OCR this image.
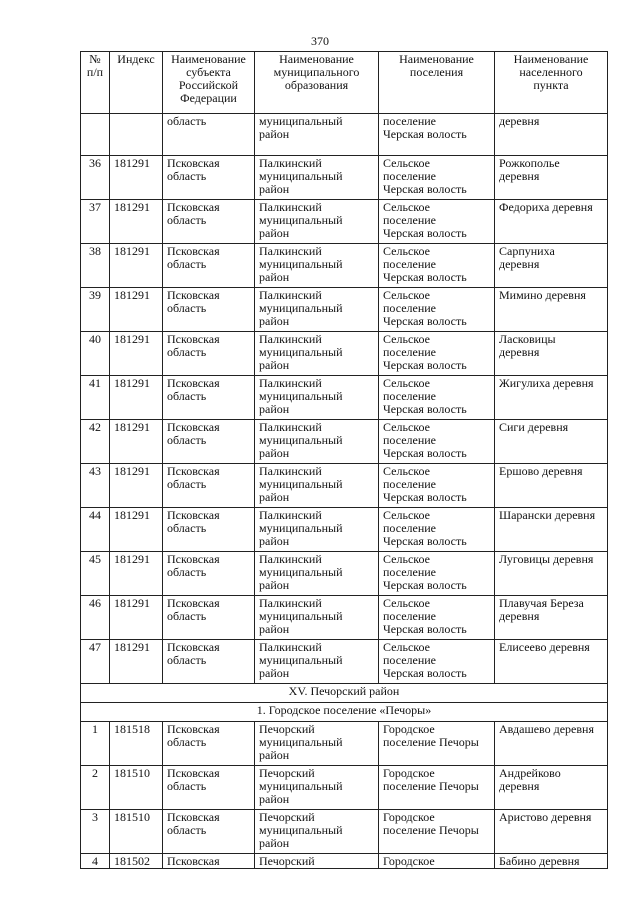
370
№
п/п	Индекс	Наименование
субъекта
Российской
Федерации	Наименование
муниципального
образования	Наименование
поселения	Наименование
населенного
пункта

		область	муниципальный
район	поселение
Черская волость	деревня

36	181291	Псковская
область	Палкинский
муниципальный
район	Сельское
поселение
Черская волость	Рожкополье
деревня

37	181291	Псковская
область	Палкинский
муниципальный
район	Сельское
поселение
Черская волость	Федориха деревня

38	181291	Псковская
область	Палкинский
муниципальный
район	Сельское
поселение
Черская волость	Сарпуниха
деревня

39	181291	Псковская
область	Палкинский
муниципальный
район	Сельское
поселение
Черская волость	Мимино деревня

40	181291	Псковская
область	Палкинский
муниципальный
район	Сельское
поселение
Черская волость	Ласковицы
деревня

41	181291	Псковская
область	Палкинский
муниципальный
район	Сельское
поселение
Черская волость	Жигулиха деревня

42	181291	Псковская
область	Палкинский
муниципальный
район	Сельское
поселение
Черская волость	Сиги деревня

43	181291	Псковская
область	Палкинский
муниципальный
район	Сельское
поселение
Черская волость	Ершово деревня

44	181291	Псковская
область	Палкинский
муниципальный
район	Сельское
поселение
Черская волость	Шарански деревня

45	181291	Псковская
область	Палкинский
муниципальный
район	Сельское
поселение
Черская волость	Луговицы деревня

46	181291	Псковская
область	Палкинский
муниципальный
район	Сельское
поселение
Черская волость	Плавучая Береза
деревня

47	181291	Псковская
область	Палкинский
муниципальный
район	Сельское
поселение
Черская волость	Елисеево деревня

XV. Печорский район					
1. Городское поселение «Печоры»					
1	181518	Псковская
область	Печорский
муниципальный
район	Городское
поселение Печоры	Авдашево деревня

2	181510	Псковская
область	Печорский
муниципальный
район	Городское
поселение Печоры	Андрейково
деревня

3	181510	Псковская
область	Печорский
муниципальный
район	Городское
поселение Печоры	Аристово деревня

4	181502	Псковская	Печорский	Городское	Бабино деревня
